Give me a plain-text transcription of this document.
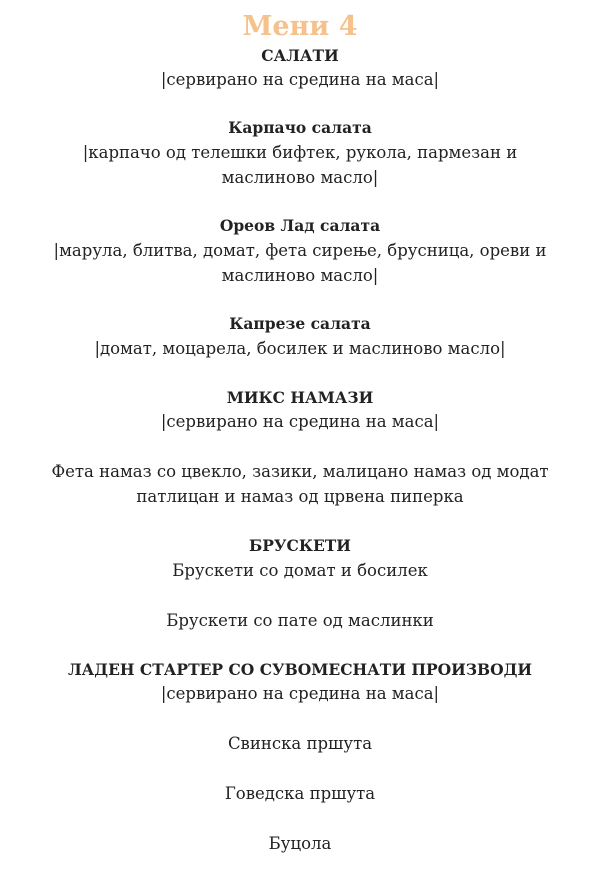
Мени 4

САЛАТИ

|сервирано на средина на маса|

Карпачо салата

|карпачо од телешки бифтек, рукола, пармезан и маслиново масло|

Ореов Лад салата

|марула, блитва, домат, фета сирење, брусница, ореви и маслиново масло|

Капрезе салата

|домат, моцарела, босилек и маслиново масло|

МИКС НАМАЗИ

|сервирано на средина на маса|

Фета намаз со цвекло, зазики, малицано намаз од модат патлицан и намаз од црвена пиперка

БРУСКЕТИ

Брускети со домат и босилек

Брускети со пате од маслинки

ЛАДЕН СТАРТЕР СО СУВОМЕСНАТИ ПРОИЗВОДИ

|сервирано на средина на маса|

Свинска пршута

Говедска пршута

Буцола
